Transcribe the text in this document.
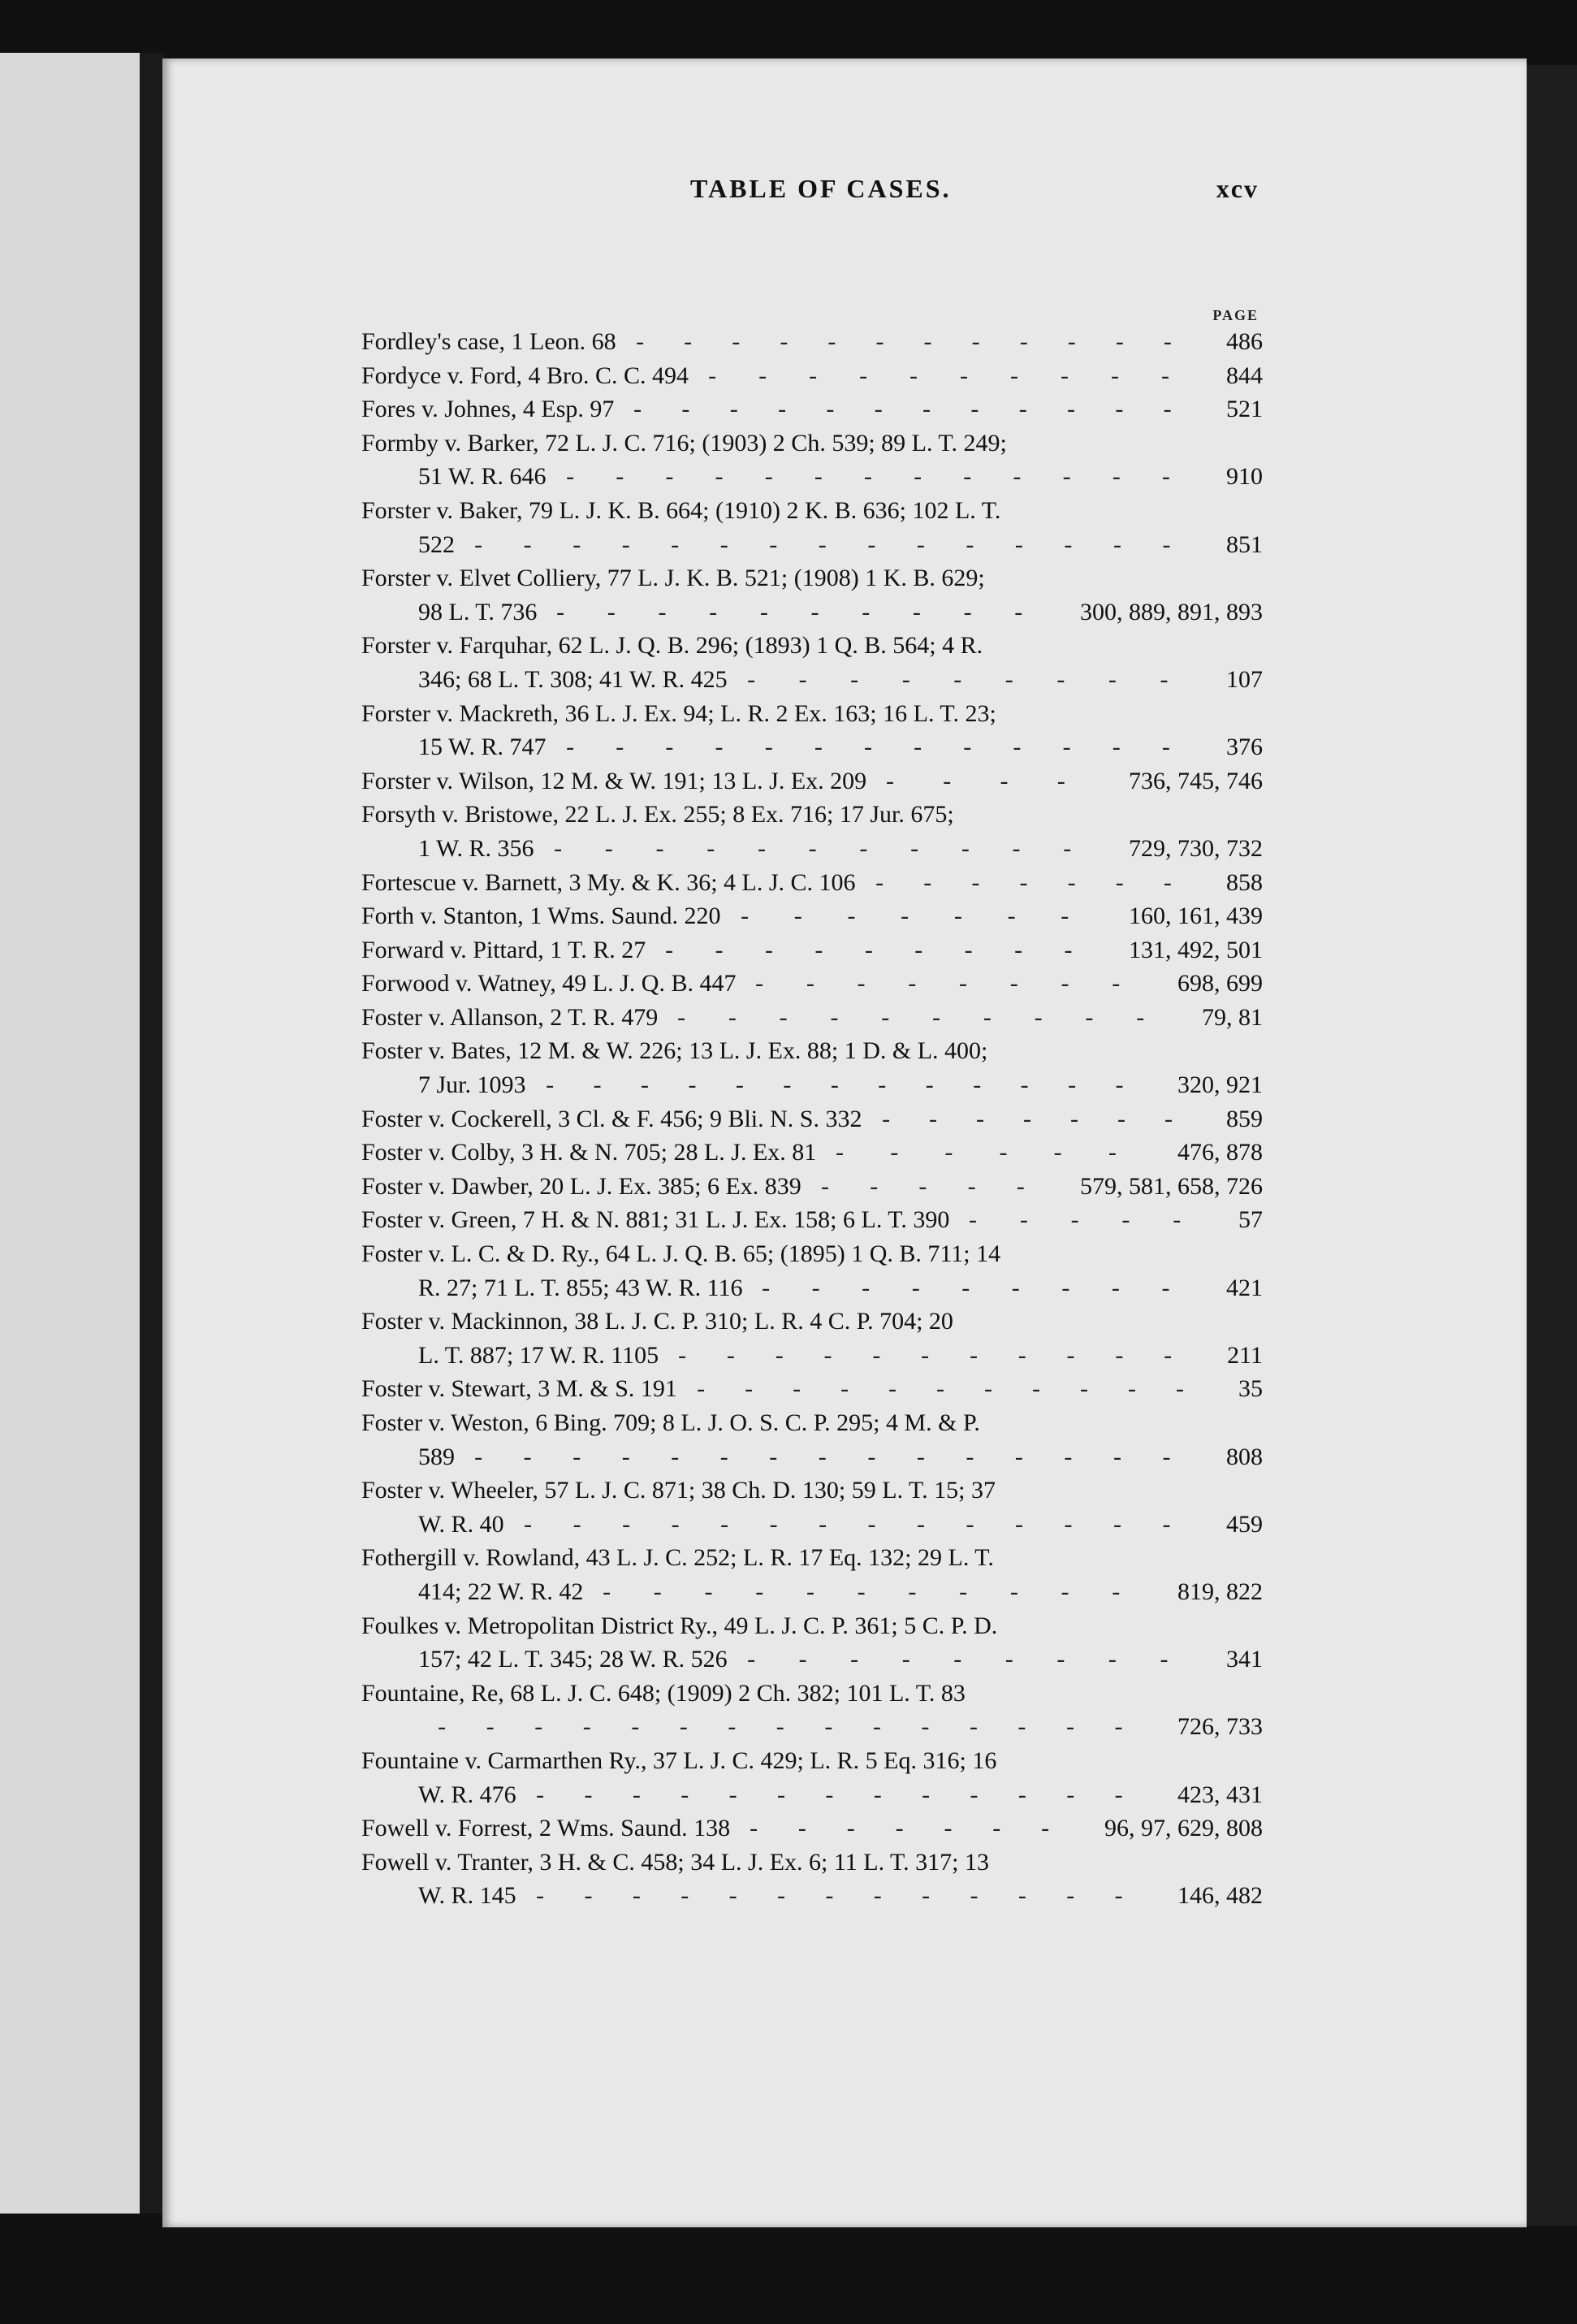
TABLE OF CASES.	xcv
PAGE
Fordley's case, 1 Leon. 68 ------------ 486
Fordyce v. Ford, 4 Bro. C. C. 494 ---------- 844
Fores v. Johnes, 4 Esp. 97 ------------ 521
Formby v. Barker, 72 L. J. C. 716; (1903) 2 Ch. 539; 89 L. T. 249;
51 W. R. 646 ------------- 910
Forster v. Baker, 79 L. J. K. B. 664; (1910) 2 K. B. 636; 102 L. T.
522 --------------- 851
Forster v. Elvet Colliery, 77 L. J. K. B. 521; (1908) 1 K. B. 629;
98 L. T. 736 ---------- 300, 889, 891, 893
Forster v. Farquhar, 62 L. J. Q. B. 296; (1893) 1 Q. B. 564; 4 R.
346; 68 L. T. 308; 41 W. R. 425 --------- 107
Forster v. Mackreth, 36 L. J. Ex. 94; L. R. 2 Ex. 163; 16 L. T. 23;
15 W. R. 747 ------------- 376
Forster v. Wilson, 12 M. & W. 191; 13 L. J. Ex. 209 ---- 736, 745, 746
Forsyth v. Bristowe, 22 L. J. Ex. 255; 8 Ex. 716; 17 Jur. 675;
1 W. R. 356 ----------- 729, 730, 732
Fortescue v. Barnett, 3 My. & K. 36; 4 L. J. C. 106 ------- 858
Forth v. Stanton, 1 Wms. Saund. 220 ------- 160, 161, 439
Forward v. Pittard, 1 T. R. 27 --------- 131, 492, 501
Forwood v. Watney, 49 L. J. Q. B. 447 -------- 698, 699
Foster v. Allanson, 2 T. R. 479 ---------- 79, 81
Foster v. Bates, 12 M. & W. 226; 13 L. J. Ex. 88; 1 D. & L. 400;
7 Jur. 1093 ------------- 320, 921
Foster v. Cockerell, 3 Cl. & F. 456; 9 Bli. N. S. 332 ------- 859
Foster v. Colby, 3 H. & N. 705; 28 L. J. Ex. 81 ------ 476, 878
Foster v. Dawber, 20 L. J. Ex. 385; 6 Ex. 839 ----- 579, 581, 658, 726
Foster v. Green, 7 H. & N. 881; 31 L. J. Ex. 158; 6 L. T. 390 ----- 57
Foster v. L. C. & D. Ry., 64 L. J. Q. B. 65; (1895) 1 Q. B. 711; 14
R. 27; 71 L. T. 855; 43 W. R. 116 --------- 421
Foster v. Mackinnon, 38 L. J. C. P. 310; L. R. 4 C. P. 704; 20
L. T. 887; 17 W. R. 1105 ----------- 211
Foster v. Stewart, 3 M. & S. 191 ----------- 35
Foster v. Weston, 6 Bing. 709; 8 L. J. O. S. C. P. 295; 4 M. & P.
589 --------------- 808
Foster v. Wheeler, 57 L. J. C. 871; 38 Ch. D. 130; 59 L. T. 15; 37
W. R. 40 -------------- 459
Fothergill v. Rowland, 43 L. J. C. 252; L. R. 17 Eq. 132; 29 L. T.
414; 22 W. R. 42 ----------- 819, 822
Foulkes v. Metropolitan District Ry., 49 L. J. C. P. 361; 5 C. P. D.
157; 42 L. T. 345; 28 W. R. 526 --------- 341
Fountaine, Re, 68 L. J. C. 648; (1909) 2 Ch. 382; 101 L. T. 83
--------------- 726, 733
Fountaine v. Carmarthen Ry., 37 L. J. C. 429; L. R. 5 Eq. 316; 16
W. R. 476 ------------- 423, 431
Fowell v. Forrest, 2 Wms. Saund. 138 ------- 96, 97, 629, 808
Fowell v. Tranter, 3 H. & C. 458; 34 L. J. Ex. 6; 11 L. T. 317; 13
W. R. 145 ------------- 146, 482
